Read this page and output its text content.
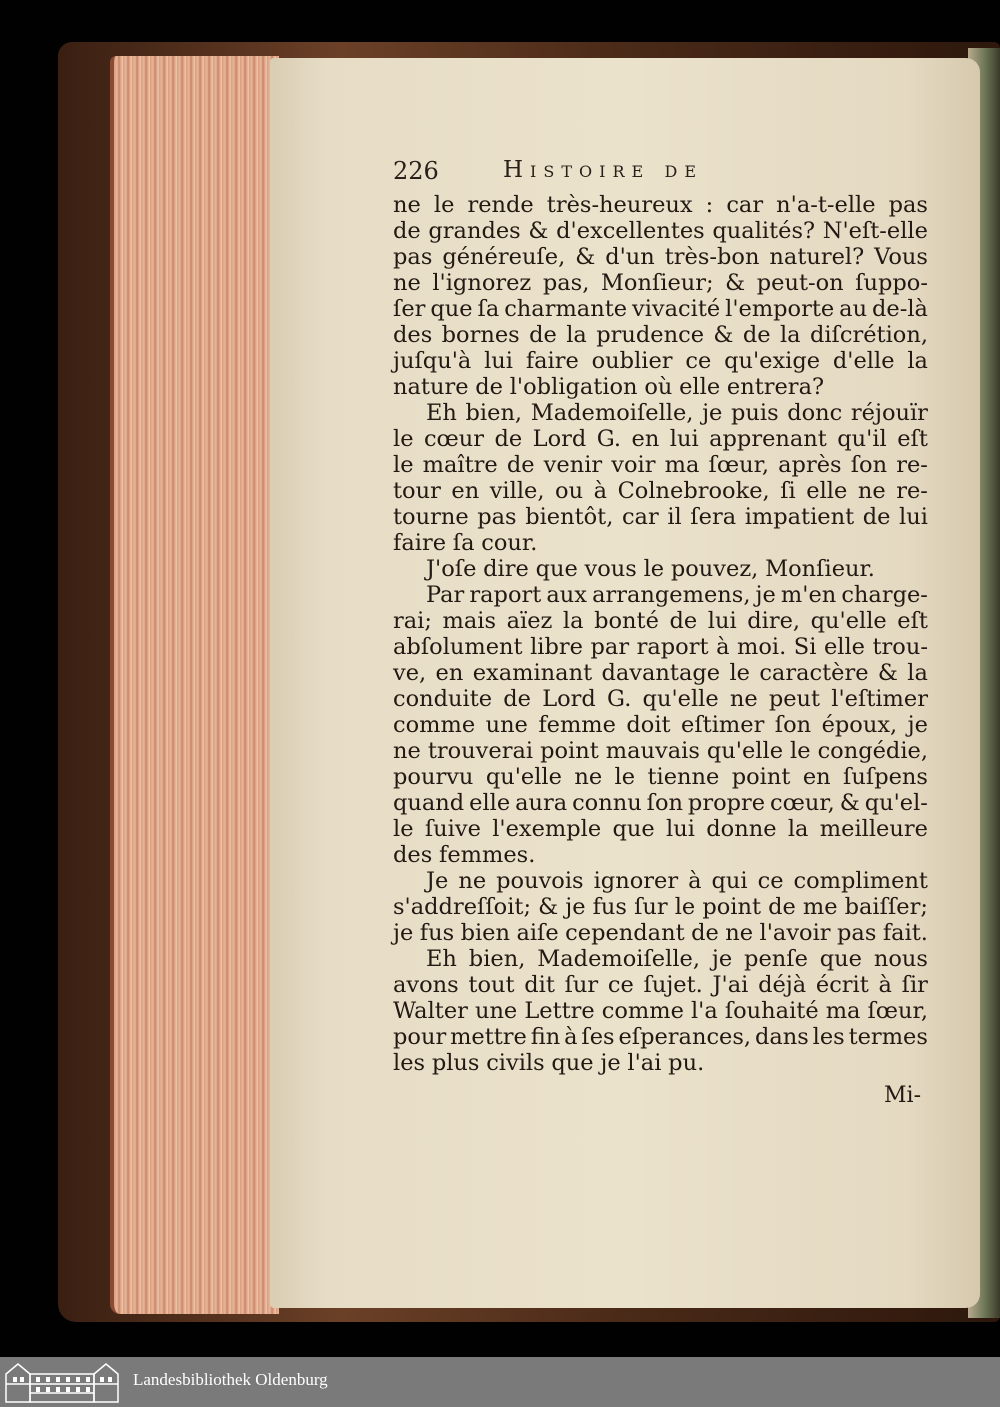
226	Histoire de
ne le rende très-heureux : car n'a-t-elle pas
de grandes & d'excellentes qualités? N'eſt-elle
pas généreuſe, & d'un très-bon naturel? Vous
ne l'ignorez pas, Monſieur; & peut-on ſuppo-
ſer que ſa charmante vivacité l'emporte au de-là
des bornes de la prudence & de la diſcrétion,
juſqu'à lui faire oublier ce qu'exige d'elle la
nature de l'obligation où elle entrera?
Eh bien, Mademoiſelle, je puis donc réjouïr
le cœur de Lord G. en lui apprenant qu'il eſt
le maître de venir voir ma ſœur, après ſon re-
tour en ville, ou à Colnebrooke, ſi elle ne re-
tourne pas bientôt, car il ſera impatient de lui
faire ſa cour.
J'oſe dire que vous le pouvez, Monſieur.
Par raport aux arrangemens, je m'en charge-
rai; mais aïez la bonté de lui dire, qu'elle eſt
abſolument libre par raport à moi. Si elle trou-
ve, en examinant davantage le caractère & la
conduite de Lord G. qu'elle ne peut l'eſtimer
comme une femme doit eſtimer ſon époux, je
ne trouverai point mauvais qu'elle le congédie,
pourvu qu'elle ne le tienne point en ſuſpens
quand elle aura connu ſon propre cœur, & qu'el-
le ſuive l'exemple que lui donne la meilleure
des femmes.
Je ne pouvois ignorer à qui ce compliment
s'addreſſoit; & je fus ſur le point de me baiſſer;
je fus bien aiſe cependant de ne l'avoir pas fait.
Eh bien, Mademoiſelle, je penſe que nous
avons tout dit ſur ce ſujet. J'ai déjà écrit à ſir
Walter une Lettre comme l'a ſouhaité ma ſœur,
pour mettre fin à ſes eſperances, dans les termes
les plus civils que je l'ai pu.
Mi-
Landesbibliothek Oldenburg
